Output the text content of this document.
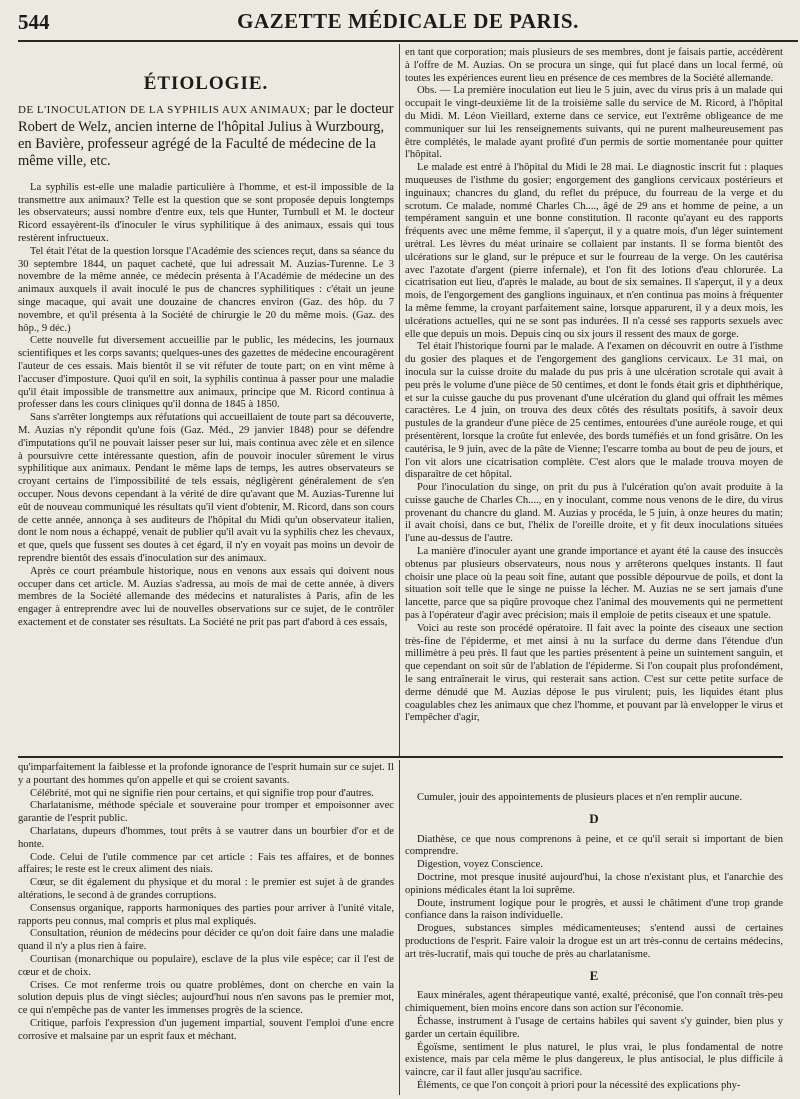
544	GAZETTE MÉDICALE DE PARIS.
ÉTIOLOGIE.
DE L'INOCULATION DE LA SYPHILIS AUX ANIMAUX; par le docteur Robert de Welz, ancien interne de l'hôpital Julius à Wurzbourg, en Bavière, professeur agrégé de la Faculté de médecine de la même ville, etc.

La syphilis est-elle une maladie particulière à l'homme, et est-il impossible de la transmettre aux animaux? Telle est la question que se sont proposée depuis longtemps les observateurs; aussi nombre d'entre eux, tels que Hunter, Turnbull et M. le docteur Ricord essayèrent-ils d'inoculer le virus syphilitique à des animaux, essais qui tous restèrent infructueux.

Tel était l'état de la question lorsque l'Académie des sciences reçut, dans sa séance du 30 septembre 1844, un paquet cacheté, que lui adressait M. Auzias-Turenne. Le 3 novembre de la même année, ce médecin présenta à l'Académie de médecine un des animaux auxquels il avait inoculé le pus de chancres syphilitiques : c'était un jeune singe macaque, qui avait une douzaine de chancres environ (Gaz. des hôp. du 7 novembre, et qu'il présenta à la Société de chirurgie le 20 du même mois. (Gaz. des hôp., 9 déc.)

Cette nouvelle fut diversement accueillie par le public, les médecins, les journaux scientifiques et les corps savants; quelques-unes des gazettes de médecine encouragèrent l'auteur de ces essais. Mais bientôt il se vit réfuter de toute part; on en vint même à l'accuser d'imposture. Quoi qu'il en soit, la syphilis continua à passer pour une maladie qu'il était impossible de transmettre aux animaux, principe que M. Ricord continua à professer dans les cours cliniques qu'il donna de 1845 à 1850.

Sans s'arrêter longtemps aux réfutations qui accueillaient de toute part sa découverte, M. Auzias n'y répondit qu'une fois (Gaz. Méd., 29 janvier 1848) pour se défendre d'imputations qu'il ne pouvait laisser peser sur lui, mais continua avec zèle et en silence à poursuivre cette intéressante question, afin de pouvoir inoculer sûrement le virus syphilitique aux animaux. Pendant le même laps de temps, les autres observateurs se croyant certains de l'impossibilité de tels essais, négligèrent généralement de s'en occuper. Nous devons cependant à la vérité de dire qu'avant que M. Auzias-Turenne lui eût de nouveau communiqué les résultats qu'il vient d'obtenir, M. Ricord, dans son cours de cette année, annonça à ses auditeurs de l'hôpital du Midi qu'un observateur italien, dont le nom nous a échappé, venait de publier qu'il avait vu la syphilis chez les chevaux, et que, quels que fussent ses doutes à cet égard, il n'y en voyait pas moins un devoir de reprendre bientôt des essais d'inoculation sur des animaux.

Après ce court préambule historique, nous en venons aux essais qui doivent nous occuper dans cet article. M. Auzias s'adressa, au mois de mai de cette année, à divers membres de la Société allemande des médecins et naturalistes à Paris, afin de les engager à entreprendre avec lui de nouvelles observations sur ce sujet, de le contrôler exactement et de constater ses résultats. La Société ne prit pas part d'abord à ces essais,

en tant que corporation; mais plusieurs de ses membres, dont je faisais partie, accédèrent à l'offre de M. Auzias. On se procura un singe, qui fut placé dans un local fermé, où toutes les expériences eurent lieu en présence de ces membres de la Société allemande.

Obs. — La première inoculation eut lieu le 5 juin, avec du virus pris à un malade qui occupait le vingt-deuxième lit de la troisième salle du service de M. Ricord, à l'hôpital du Midi. M. Léon Vieillard, externe dans ce service, eut l'extrême obligeance de me communiquer sur lui les renseignements suivants, qui ne purent malheureusement pas être complétés, le malade ayant profité d'un permis de sortie momentanée pour quitter l'hôpital.

Le malade est entré à l'hôpital du Midi le 28 mai. Le diagnostic inscrit fut : plaques muqueuses de l'isthme du gosier; engorgement des ganglions cervicaux postérieurs et inguinaux; chancres du gland, du reflet du prépuce, du fourreau de la verge et du scrotum. Ce malade, nommé Charles Ch...., âgé de 29 ans et homme de peine, a un tempérament sanguin et une bonne constitution. Il raconte qu'ayant eu des rapports fréquents avec une même femme, il s'aperçut, il y a quatre mois, d'un léger suintement urétral. Les lèvres du méat urinaire se collaient par instants. Il se forma bientôt des ulcérations sur le gland, sur le prépuce et sur le fourreau de la verge. On les cautérisa avec l'azotate d'argent (pierre infernale), et l'on fit des lotions d'eau chlorurée. La cicatrisation eut lieu, d'après le malade, au bout de six semaines. Il s'aperçut, il y a deux mois, de l'engorgement des ganglions inguinaux, et n'en continua pas moins à fréquenter la même femme, la croyant parfaitement saine, lorsque apparurent, il y a deux mois, les ulcérations actuelles, qui ne se sont pas indurées. Il n'a cessé ses rapports sexuels avec elle que depuis un mois. Depuis cinq ou six jours il ressent des maux de gorge.

Tel était l'historique fourni par le malade. A l'examen on découvrit en outre à l'isthme du gosier des plaques et de l'engorgement des ganglions cervicaux. Le 31 mai, on inocula sur la cuisse droite du malade du pus pris à une ulcération scrotale qui avait à peu près le volume d'une pièce de 50 centimes, et dont le fonds était gris et diphthérique, et sur la cuisse gauche du pus provenant d'une ulcération du gland qui offrait les mêmes caractères. Le 4 juin, on trouva des deux côtés des résultats positifs, à savoir deux pustules de la grandeur d'une pièce de 25 centimes, entourées d'une auréole rouge, et qui présentèrent, lorsque la croûte fut enlevée, des bords tuméfiés et un fond grisâtre. On les cautérisa, le 9 juin, avec de la pâte de Vienne; l'escarre tomba au bout de peu de jours, et l'on vit alors une cicatrisation complète. C'est alors que le malade trouva moyen de disparaître de cet hôpital.

Pour l'inoculation du singe, on prit du pus à l'ulcération qu'on avait produite à la cuisse gauche de Charles Ch...., en y inoculant, comme nous venons de le dire, du virus provenant du chancre du gland. M. Auzias y procéda, le 5 juin, à onze heures du matin; il avait choisi, dans ce but, l'hélix de l'oreille droite, et y fit deux inoculations situées l'une au-dessus de l'autre.

La manière d'inoculer ayant une grande importance et ayant été la cause des insuccès obtenus par plusieurs observateurs, nous nous y arrêterons quelques instants. Il faut choisir une place où la peau soit fine, autant que possible dépourvue de poils, et dont la situation soit telle que le singe ne puisse la lécher. M. Auzias ne se sert jamais d'une lancette, parce que sa piqûre provoque chez l'animal des mouvements qui ne permettent pas à l'opérateur d'agir avec précision; mais il emploie de petits ciseaux et une spatule.

Voici au reste son procédé opératoire. Il fait avec la pointe des ciseaux une section très-fine de l'épiderme, et met ainsi à nu la surface du derme dans l'étendue d'un millimètre à peu près. Il faut que les parties présentent à peine un suintement sanguin, et que cependant on soit sûr de l'ablation de l'épiderme. Si l'on coupait plus profondément, le sang entraînerait le virus, qui resterait sans action. C'est sur cette petite surface de derme dénudé que M. Auzias dépose le pus virulent; puis, les liquides étant plus coagulables chez les animaux que chez l'homme, et pouvant par là envelopper le virus et l'empêcher d'agir,

qu'imparfaitement la faiblesse et la profonde ignorance de l'esprit humain sur ce sujet. Il y a pourtant des hommes qu'on appelle et qui se croient savants.

Célébrité, mot qui ne signifie rien pour certains, et qui signifie trop pour d'autres.

Charlatanisme, méthode spéciale et souveraine pour tromper et empoisonner avec garantie de l'esprit public.

Charlatans, dupeurs d'hommes, tout prêts à se vautrer dans un bourbier d'or et de honte.

Code. Celui de l'utile commence par cet article : Fais tes affaires, et de bonnes affaires; le reste est le creux aliment des niais.

Cœur, se dit également du physique et du moral : le premier est sujet à de grandes altérations, le second à de grandes corruptions.

Consensus organique, rapports harmoniques des parties pour arriver à l'unité vitale, rapports peu connus, mal compris et plus mal expliqués.

Consultation, réunion de médecins pour décider ce qu'on doit faire dans une maladie quand il n'y a plus rien à faire.

Courtisan (monarchique ou populaire), esclave de la plus vile espèce; car il l'est de cœur et de choix.

Crises. Ce mot renferme trois ou quatre problèmes, dont on cherche en vain la solution depuis plus de vingt siècles; aujourd'hui nous n'en savons pas le premier mot, ce qui n'empêche pas de vanter les immenses progrès de la science.

Critique, parfois l'expression d'un jugement impartial, souvent l'emploi d'une encre corrosive et malsaine par un esprit faux et méchant.

Cumuler, jouir des appointements de plusieurs places et n'en remplir aucune.

D

Diathèse, ce que nous comprenons à peine, et ce qu'il serait si important de bien comprendre.

Digestion, voyez Conscience.

Doctrine, mot presque inusité aujourd'hui, la chose n'existant plus, et l'anarchie des opinions médicales étant la loi suprême.

Doute, instrument logique pour le progrès, et aussi le châtiment d'une trop grande confiance dans la raison individuelle.

Drogues, substances simples médicamenteuses; s'entend aussi de certaines productions de l'esprit. Faire valoir la drogue est un art très-connu de certains médecins, art très-lucratif, mais qui touche de près au charlatanisme.

E

Eaux minérales, agent thérapeutique vanté, exalté, préconisé, que l'on connaît très-peu chimiquement, bien moins encore dans son action sur l'économie.

Échasse, instrument à l'usage de certains habiles qui savent s'y guinder, bien plus y garder un certain équilibre.

Égoïsme, sentiment le plus naturel, le plus vrai, le plus fondamental de notre existence, mais par cela même le plus dangereux, le plus antisocial, le plus difficile à vaincre, car il faut aller jusqu'au sacrifice.

Éléments, ce que l'on conçoit à priori pour la nécessité des explications phy-
